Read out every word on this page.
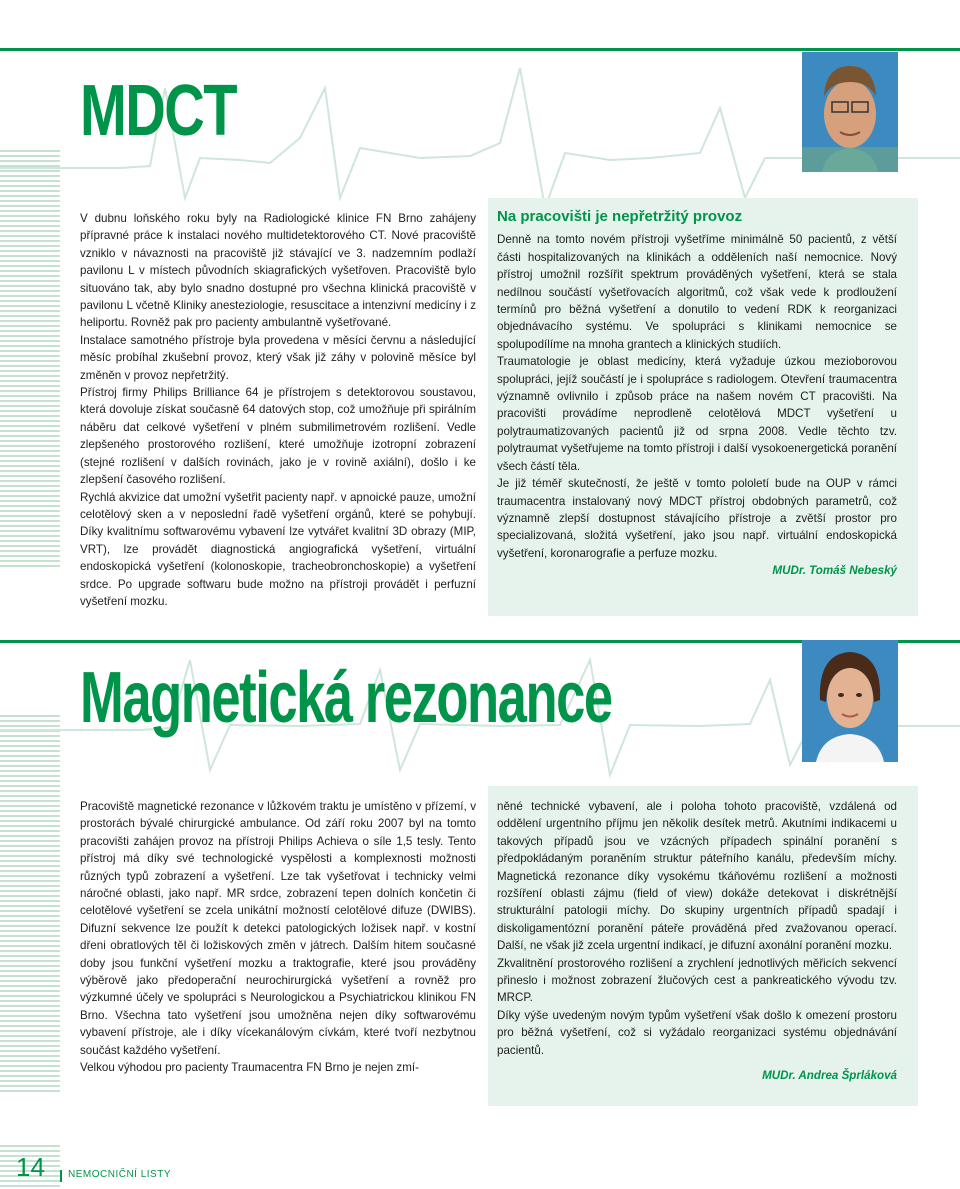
MDCT

V dubnu loňského roku byly na Radiologické klinice FN Brno zahájeny přípravné práce k instalaci nového multidetektorového CT. Nové pracoviště vzniklo v návaznosti na pracoviště již stávající ve 3. nadzemním podlaží pavilonu L v místech původních skiagrafických vyšetřoven. Pracoviště bylo situováno tak, aby bylo snadno dostupné pro všechna klinická pracoviště v pavilonu L včetně Kliniky anesteziologie, resuscitace a intenzivní medicíny i z heliportu. Rovněž pak pro pacienty ambulantně vyšetřované.

Instalace samotného přístroje byla provedena v měsíci červnu a následující měsíc probíhal zkušební provoz, který však již záhy v polovině měsíce byl změněn v provoz nepřetržitý.

Přístroj firmy Philips Brilliance 64 je přístrojem s detektorovou soustavou, která dovoluje získat současně 64 datových stop, což umožňuje při spirálním náběru dat celkové vyšetření v plném submilimetrovém rozlišení. Vedle zlepšeného prostorového rozlišení, které umožňuje izotropní zobrazení (stejné rozlišení v dalších rovinách, jako je v rovině axiální), došlo i ke zlepšení časového rozlišení.

Rychlá akvizice dat umožní vyšetřit pacienty např. v apnoické pauze, umožní celotělový sken a v neposlední řadě vyšetření orgánů, které se pohybují. Díky kvalitnímu softwarovému vybavení lze vytvářet kvalitní 3D obrazy (MIP, VRT), lze provádět diagnostická angiografická vyšetření, virtuální endoskopická vyšetření (kolonoskopie, tracheobronchoskopie) a vyšetření srdce. Po upgrade softwaru bude možno na přístroji provádět i perfuzní vyšetření mozku.

Na pracovišti je nepřetržitý provoz

Denně na tomto novém přístroji vyšetříme minimálně 50 pacientů, z větší části hospitalizovaných na klinikách a odděleních naší nemocnice. Nový přístroj umožnil rozšířit spektrum prováděných vyšetření, která se stala nedílnou součástí vyšetřovacích algoritmů, což však vede k prodloužení termínů pro běžná vyšetření a donutilo to vedení RDK k reorganizaci objednávacího systému. Ve spolupráci s klinikami nemocnice se spolupodílíme na mnoha grantech a klinických studiích.

Traumatologie je oblast medicíny, která vyžaduje úzkou mezioborovou spolupráci, jejíž součástí je i spolupráce s radiologem. Otevření traumacentra významně ovlivnilo i způsob práce na našem novém CT pracovišti. Na pracovišti provádíme neprodleně celotělová MDCT vyšetření u polytraumatizovaných pacientů již od srpna 2008. Vedle těchto tzv. polytraumat vyšetřujeme na tomto přístroji i další vysokoenergetická poranění všech částí těla.

Je již téměř skutečností, že ještě v tomto pololetí bude na OUP v rámci traumacentra instalovaný nový MDCT přístroj obdobných parametrů, což významně zlepší dostupnost stávajícího přístroje a zvětší prostor pro specializovaná, složitá vyšetření, jako jsou např. virtuální endoskopická vyšetření, koronarografie a perfuze mozku.

MUDr. Tomáš Nebeský

Magnetická rezonance

Pracoviště magnetické rezonance v lůžkovém traktu je umístěno v přízemí, v prostorách bývalé chirurgické ambulance. Od září roku 2007 byl na tomto pracovišti zahájen provoz na přístroji Philips Achieva o síle 1,5 tesly. Tento přístroj má díky své technologické vyspělosti a komplexnosti možnosti různých typů zobrazení a vyšetření. Lze tak vyšetřovat i technicky velmi náročné oblasti, jako např. MR srdce, zobrazení tepen dolních končetin či celotělové vyšetření se zcela unikátní možností celotělové difuze (DWIBS). Difuzní sekvence lze použít k detekci patologických ložisek např. v kostní dřeni obratlových těl či ložiskových změn v játrech. Dalším hitem současné doby jsou funkční vyšetření mozku a traktografie, které jsou prováděny výběrově jako předoperační neurochirurgická vyšetření a rovněž pro výzkumné účely ve spolupráci s Neurologickou a Psychiatrickou klinikou FN Brno. Všechna tato vyšetření jsou umožněna nejen díky softwarovému vybavení přístroje, ale i díky vícekanálovým cívkám, které tvoří nezbytnou součást každého vyšetření.

Velkou výhodou pro pacienty Traumacentra FN Brno je nejen zmí-

něné technické vybavení, ale i poloha tohoto pracoviště, vzdálená od oddělení urgentního příjmu jen několik desítek metrů. Akutními indikacemi u takových případů jsou ve vzácných případech spinální poranění s předpokládaným poraněním struktur páteřního kanálu, především míchy. Magnetická rezonance díky vysokému tkáňovému rozlišení a možnosti rozšíření oblasti zájmu (field of view) dokáže detekovat i diskrétnější strukturální patologii míchy. Do skupiny urgentních případů spadají i diskoligamentózní poranění páteře prováděná před zvažovanou operací. Další, ne však již zcela urgentní indikací, je difuzní axonální poranění mozku.

Zkvalitnění prostorového rozlišení a zrychlení jednotlivých měřicích sekvencí přineslo i možnost zobrazení žlučových cest a pankreatického vývodu tzv. MRCP.

Díky výše uvedeným novým typům vyšetření však došlo k omezení prostoru pro běžná vyšetření, což si vyžádalo reorganizaci systému objednávání pacientů.

MUDr. Andrea Šprláková

14 NEMOCNIČNÍ LISTY
